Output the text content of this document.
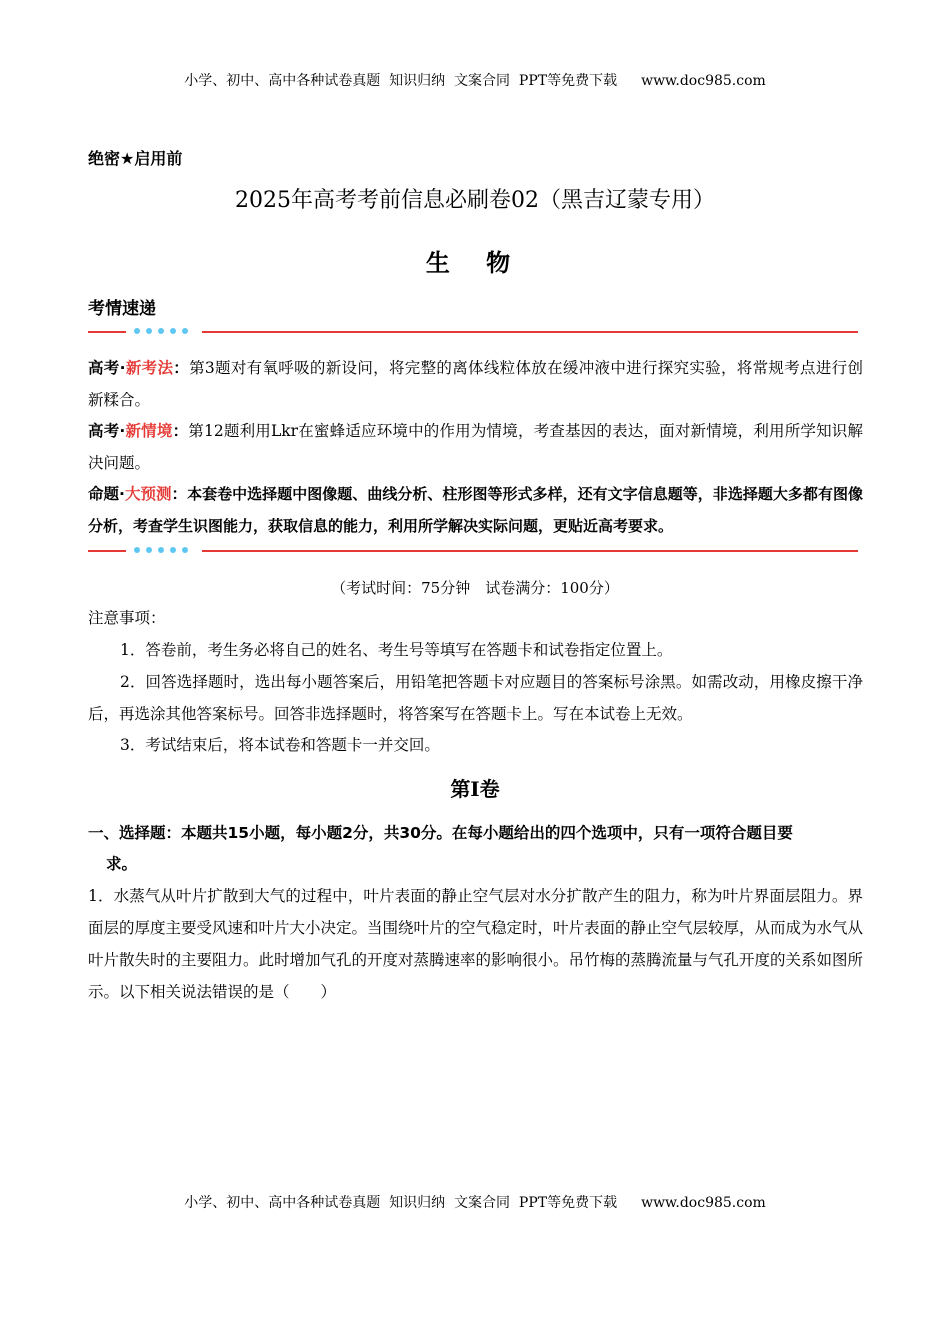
小学、初中、高中各种试卷真题  知识归纳  文案合同  PPT等免费下载 www.doc985.com
绝密★启用前
2025年高考考前信息必刷卷02（黑吉辽蒙专用）
生 物
考情速递
高考·新考法：第3题对有氧呼吸的新设问，将完整的离体线粒体放在缓冲液中进行探究实验，将常规考点进行创新糅合。
高考·新情境：第12题利用Lkr在蜜蜂适应环境中的作用为情境，考查基因的表达，面对新情境，利用所学知识解决问题。
命题·大预测：本套卷中选择题中图像题、曲线分析、柱形图等形式多样，还有文字信息题等，非选择题大多都有图像分析，考查学生识图能力，获取信息的能力，利用所学解决实际问题，更贴近高考要求。
（考试时间：75分钟　试卷满分：100分）
注意事项：
1．答卷前，考生务必将自己的姓名、考生号等填写在答题卡和试卷指定位置上。
2．回答选择题时，选出每小题答案后，用铅笔把答题卡对应题目的答案标号涂黑。如需改动，用橡皮擦干净后，再选涂其他答案标号。回答非选择题时，将答案写在答题卡上。写在本试卷上无效。
3．考试结束后，将本试卷和答题卡一并交回。
第Ⅰ卷
一、选择题：本题共15小题，每小题2分，共30分。在每小题给出的四个选项中，只有一项符合题目要
求。
1．水蒸气从叶片扩散到大气的过程中，叶片表面的静止空气层对水分扩散产生的阻力，称为叶片界面层阻力。界面层的厚度主要受风速和叶片大小决定。当围绕叶片的空气稳定时，叶片表面的静止空气层较厚，从而成为水气从叶片散失时的主要阻力。此时增加气孔的开度对蒸腾速率的影响很小。吊竹梅的蒸腾流量与气孔开度的关系如图所示。以下相关说法错误的是（　　）
小学、初中、高中各种试卷真题  知识归纳  文案合同  PPT等免费下载 www.doc985.com
